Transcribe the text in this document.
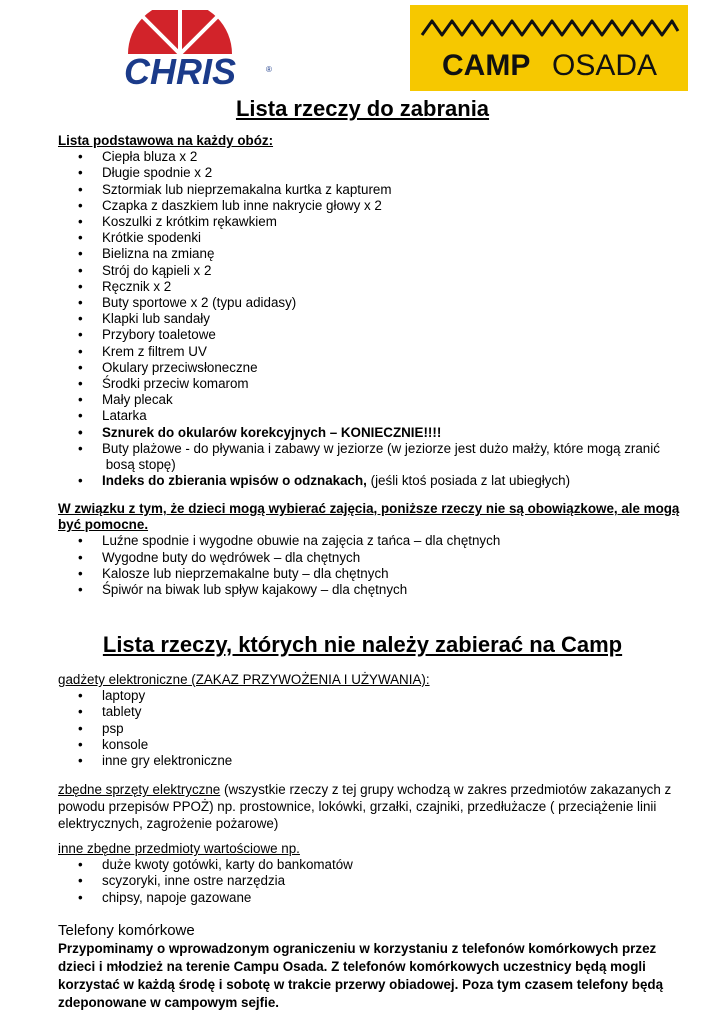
CHRIS	®	CAMP OSADA
Lista rzeczy do zabrania
Lista podstawowa na każdy obóz:
• Ciepła bluza x 2
• Długie spodnie x 2
• Sztormiak lub nieprzemakalna kurtka z kapturem
• Czapka z daszkiem lub inne nakrycie głowy x 2
• Koszulki z krótkim rękawkiem
• Krótkie spodenki
• Bielizna na zmianę
• Strój do kąpieli x 2
• Ręcznik x 2
• Buty sportowe x 2 (typu adidasy)
• Klapki lub sandały
• Przybory toaletowe
• Krem z filtrem UV
• Okulary przeciwsłoneczne
• Środki przeciw komarom
• Mały plecak
• Latarka
• Sznurek do okularów korekcyjnych – KONIECZNIE!!!!
• Buty plażowe - do pływania i zabawy w jeziorze (w jeziorze jest dużo małży, które mogą zranić
bosą stopę)
• Indeks do zbierania wpisów o odznakach, (jeśli ktoś posiada z lat ubiegłych)
W związku z tym, że dzieci mogą wybierać zajęcia, poniższe rzeczy nie są obowiązkowe, ale mogą być pomocne.
• Luźne spodnie i wygodne obuwie na zajęcia z tańca – dla chętnych
• Wygodne buty do wędrówek – dla chętnych
• Kalosze lub nieprzemakalne buty – dla chętnych
• Śpiwór na biwak lub spływ kajakowy – dla chętnych
Lista rzeczy, których nie należy zabierać na Camp
gadżety elektroniczne (ZAKAZ PRZYWOŻENIA I UŻYWANIA):
• laptopy
• tablety
• psp
• konsole
• inne gry elektroniczne
zbędne sprzęty elektryczne (wszystkie rzeczy z tej grupy wchodzą w zakres przedmiotów zakazanych z powodu przepisów PPOŻ) np. prostownice, lokówki, grzałki, czajniki, przedłużacze ( przeciążenie linii elektrycznych, zagrożenie pożarowe)
inne zbędne przedmioty wartościowe np.
• duże kwoty gotówki, karty do bankomatów
• scyzoryki, inne ostre narzędzia
• chipsy, napoje gazowane
Telefony komórkowe
Przypominamy o wprowadzonym ograniczeniu w korzystaniu z telefonów komórkowych przez dzieci i młodzież na terenie Campu Osada. Z telefonów komórkowych uczestnicy będą mogli korzystać w każdą środę i sobotę w trakcie przerwy obiadowej. Poza tym czasem telefony będą zdeponowane w campowym sejfie.
